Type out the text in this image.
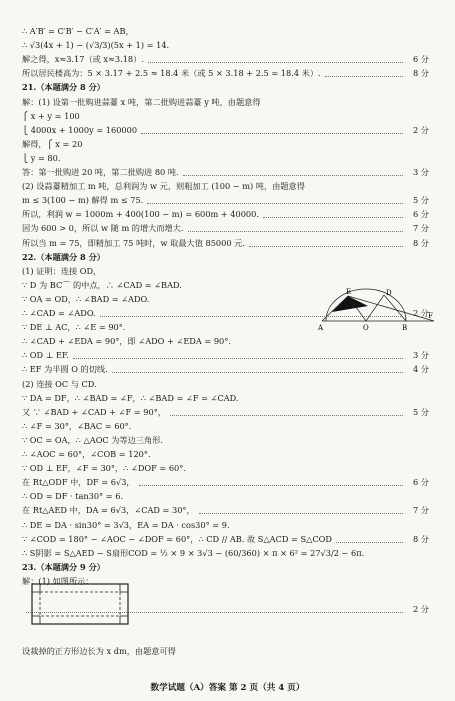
∴ A′B′ = C′B′ − C′A′ = AB，
∴ √3(4x + 1) − (√3/3)(5x + 1) = 14.
解之得，x≈3.17（或 x≈3.18）.	6 分
所以居民楼高为：5 × 3.17 + 2.5 ≈ 18.4 米（或 5 × 3.18 + 2.5 = 18.4 米）.	8 分
21.（本题满分 8 分）
解：(1) 设第一批购进蒜薹 x 吨，第二批购进蒜薹 y 吨，由题意得
⎧ x + y = 100
⎩ 4000x + 1000y = 160000	2 分
解得，⎧ x = 20
⎩ y = 80.
答：第一批购进 20 吨，第二批购进 80 吨.	3 分
(2) 设蒜薹精加工 m 吨，总利润为 w 元，则粗加工 (100 − m) 吨，由题意得
m ≤ 3(100 − m) 解得 m ≤ 75.	5 分
所以，利润 w = 1000m + 400(100 − m) = 600m + 40000.	6 分
因为 600 > 0，所以 w 随 m 的增大而增大.	7 分
所以当 m = 75，即精加工 75 吨时，w 取最大值 85000 元.	8 分
22.（本题满分 8 分）
(1) 证明：连接 OD，
∵ D 为 BC⌒ 的中点，∴ ∠CAD = ∠BAD.
∵ OA = OD，∴ ∠BAD = ∠ADO.
∴ ∠CAD = ∠ADO.	2 分
∵ DE ⊥ AC，∴ ∠E = 90°.
∴ ∠CAD + ∠EDA = 90°，即 ∠ADO + ∠EDA = 90°.
∴ OD ⊥ EF.	3 分
∴ EF 为半圆 O 的切线.	4 分
(2) 连接 OC 与 CD.
∵ DA = DF，∴ ∠BAD = ∠F，∴ ∠BAD = ∠F = ∠CAD.
又 ∵ ∠BAD + ∠CAD + ∠F = 90°，	5 分
∴ ∠F = 30°，∠BAC = 60°.
∵ OC = OA，∴ △AOC 为等边三角形.
∴ ∠AOC = 60°，∠COB = 120°.
∵ OD ⊥ EF，∠F = 30°，∴ ∠DOF = 60°.
在 Rt△ODF 中，DF = 6√3，	6 分
∴ OD = DF · tan30° = 6.
在 Rt△AED 中，DA = 6√3，∠CAD = 30°，	7 分
∴ DE = DA · sin30° = 3√3，EA = DA · cos30° = 9.
∵ ∠COD = 180° − ∠AOC − ∠DOF = 60°，∴ CD // AB. 故 S△ACD = S△COD	8 分
∴ S阴影 = S△AED − S扇形COD = ½ × 9 × 3√3 − (60/360) × π × 6² = 27√3/2 − 6π.
23.（本题满分 9 分）
解：(1) 如图所示：
2 分
设裁掉的正方形边长为 x dm，由题意可得
E	D
A	O	B
F
数学试题（A）答案 第 2 页（共 4 页）
